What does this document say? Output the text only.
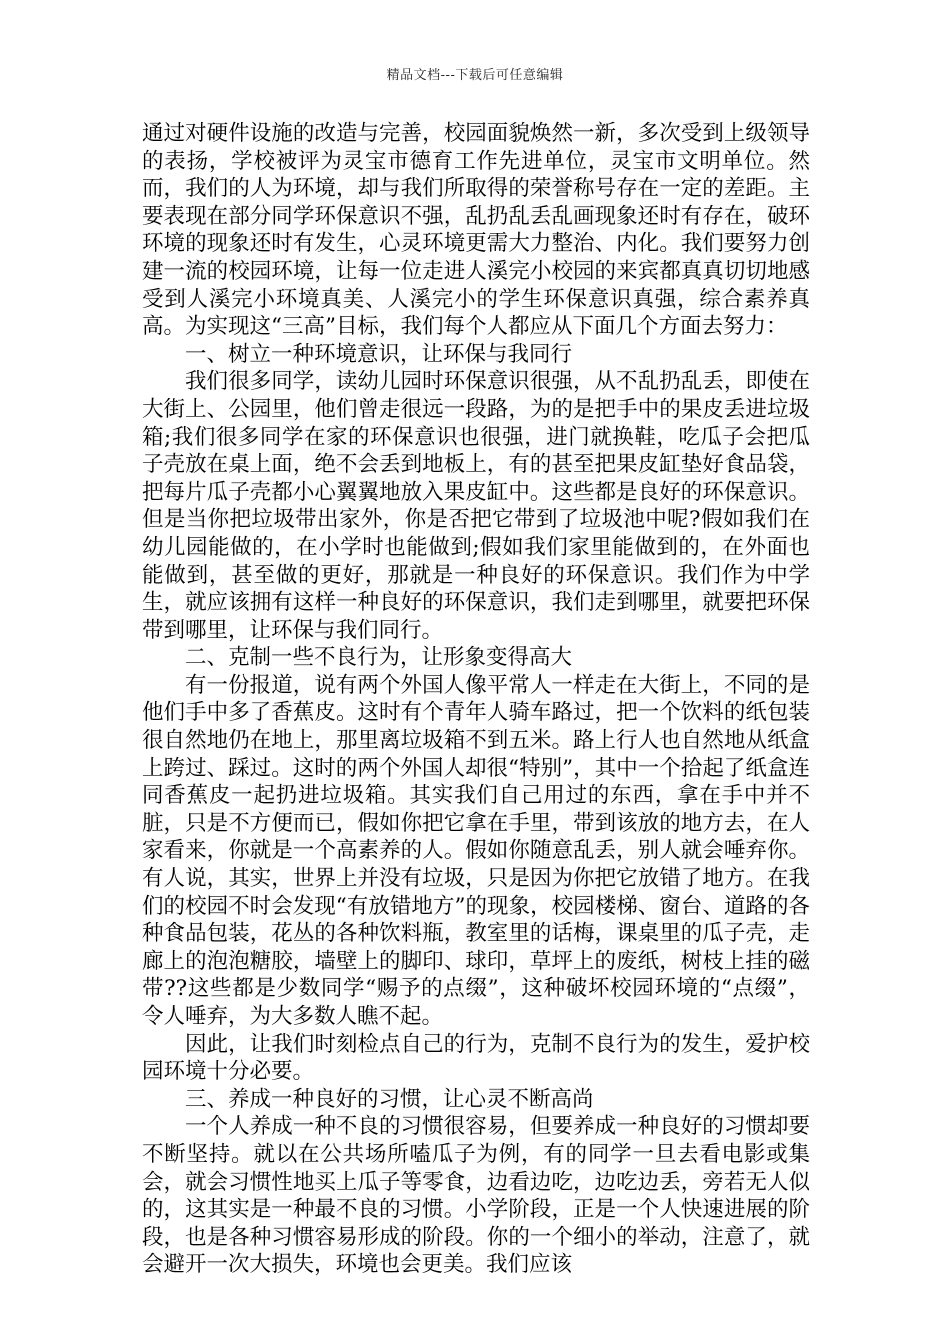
精品文档---下载后可任意编辑

通过对硬件设施的改造与完善，校园面貌焕然一新，多次受到上级领导的表扬，学校被评为灵宝市德育工作先进单位，灵宝市文明单位。然而，我们的人为环境，却与我们所取得的荣誉称号存在一定的差距。主要表现在部分同学环保意识不强，乱扔乱丢乱画现象还时有存在，破环环境的现象还时有发生，心灵环境更需大力整治、内化。我们要努力创建一流的校园环境，让每一位走进人溪完小校园的来宾都真真切切地感受到人溪完小环境真美、人溪完小的学生环保意识真强，综合素养真高。为实现这“三高”目标，我们每个人都应从下面几个方面去努力：

一、树立一种环境意识，让环保与我同行

我们很多同学，读幼儿园时环保意识很强，从不乱扔乱丢，即使在大街上、公园里，他们曾走很远一段路，为的是把手中的果皮丢进垃圾箱;我们很多同学在家的环保意识也很强，进门就换鞋，吃瓜子会把瓜子壳放在桌上面，绝不会丢到地板上，有的甚至把果皮缸垫好食品袋，把每片瓜子壳都小心翼翼地放入果皮缸中。这些都是良好的环保意识。但是当你把垃圾带出家外，你是否把它带到了垃圾池中呢?假如我们在幼儿园能做的，在小学时也能做到;假如我们家里能做到的，在外面也能做到，甚至做的更好，那就是一种良好的环保意识。我们作为中学生，就应该拥有这样一种良好的环保意识，我们走到哪里，就要把环保带到哪里，让环保与我们同行。

二、克制一些不良行为，让形象变得高大

有一份报道，说有两个外国人像平常人一样走在大街上，不同的是他们手中多了香蕉皮。这时有个青年人骑车路过，把一个饮料的纸包装很自然地仍在地上，那里离垃圾箱不到五米。路上行人也自然地从纸盒上跨过、踩过。这时的两个外国人却很“特别”，其中一个拾起了纸盒连同香蕉皮一起扔进垃圾箱。其实我们自己用过的东西，拿在手中并不脏，只是不方便而已，假如你把它拿在手里，带到该放的地方去，在人家看来，你就是一个高素养的人。假如你随意乱丢，别人就会唾弃你。有人说，其实，世界上并没有垃圾，只是因为你把它放错了地方。在我们的校园不时会发现“有放错地方”的现象，校园楼梯、窗台、道路的各种食品包装，花丛的各种饮料瓶，教室里的话梅，课桌里的瓜子壳，走廊上的泡泡糖胶，墙壁上的脚印、球印，草坪上的废纸，树枝上挂的磁带??这些都是少数同学“赐予的点缀”，这种破坏校园环境的“点缀”，令人唾弃，为大多数人瞧不起。

因此，让我们时刻检点自己的行为，克制不良行为的发生，爱护校园环境十分必要。

三、养成一种良好的习惯，让心灵不断高尚

一个人养成一种不良的习惯很容易，但要养成一种良好的习惯却要不断坚持。就以在公共场所嗑瓜子为例，有的同学一旦去看电影或集会，就会习惯性地买上瓜子等零食，边看边吃，边吃边丢，旁若无人似的，这其实是一种最不良的习惯。小学阶段，正是一个人快速进展的阶段，也是各种习惯容易形成的阶段。你的一个细小的举动，注意了，就会避开一次大损失，环境也会更美。我们应该
